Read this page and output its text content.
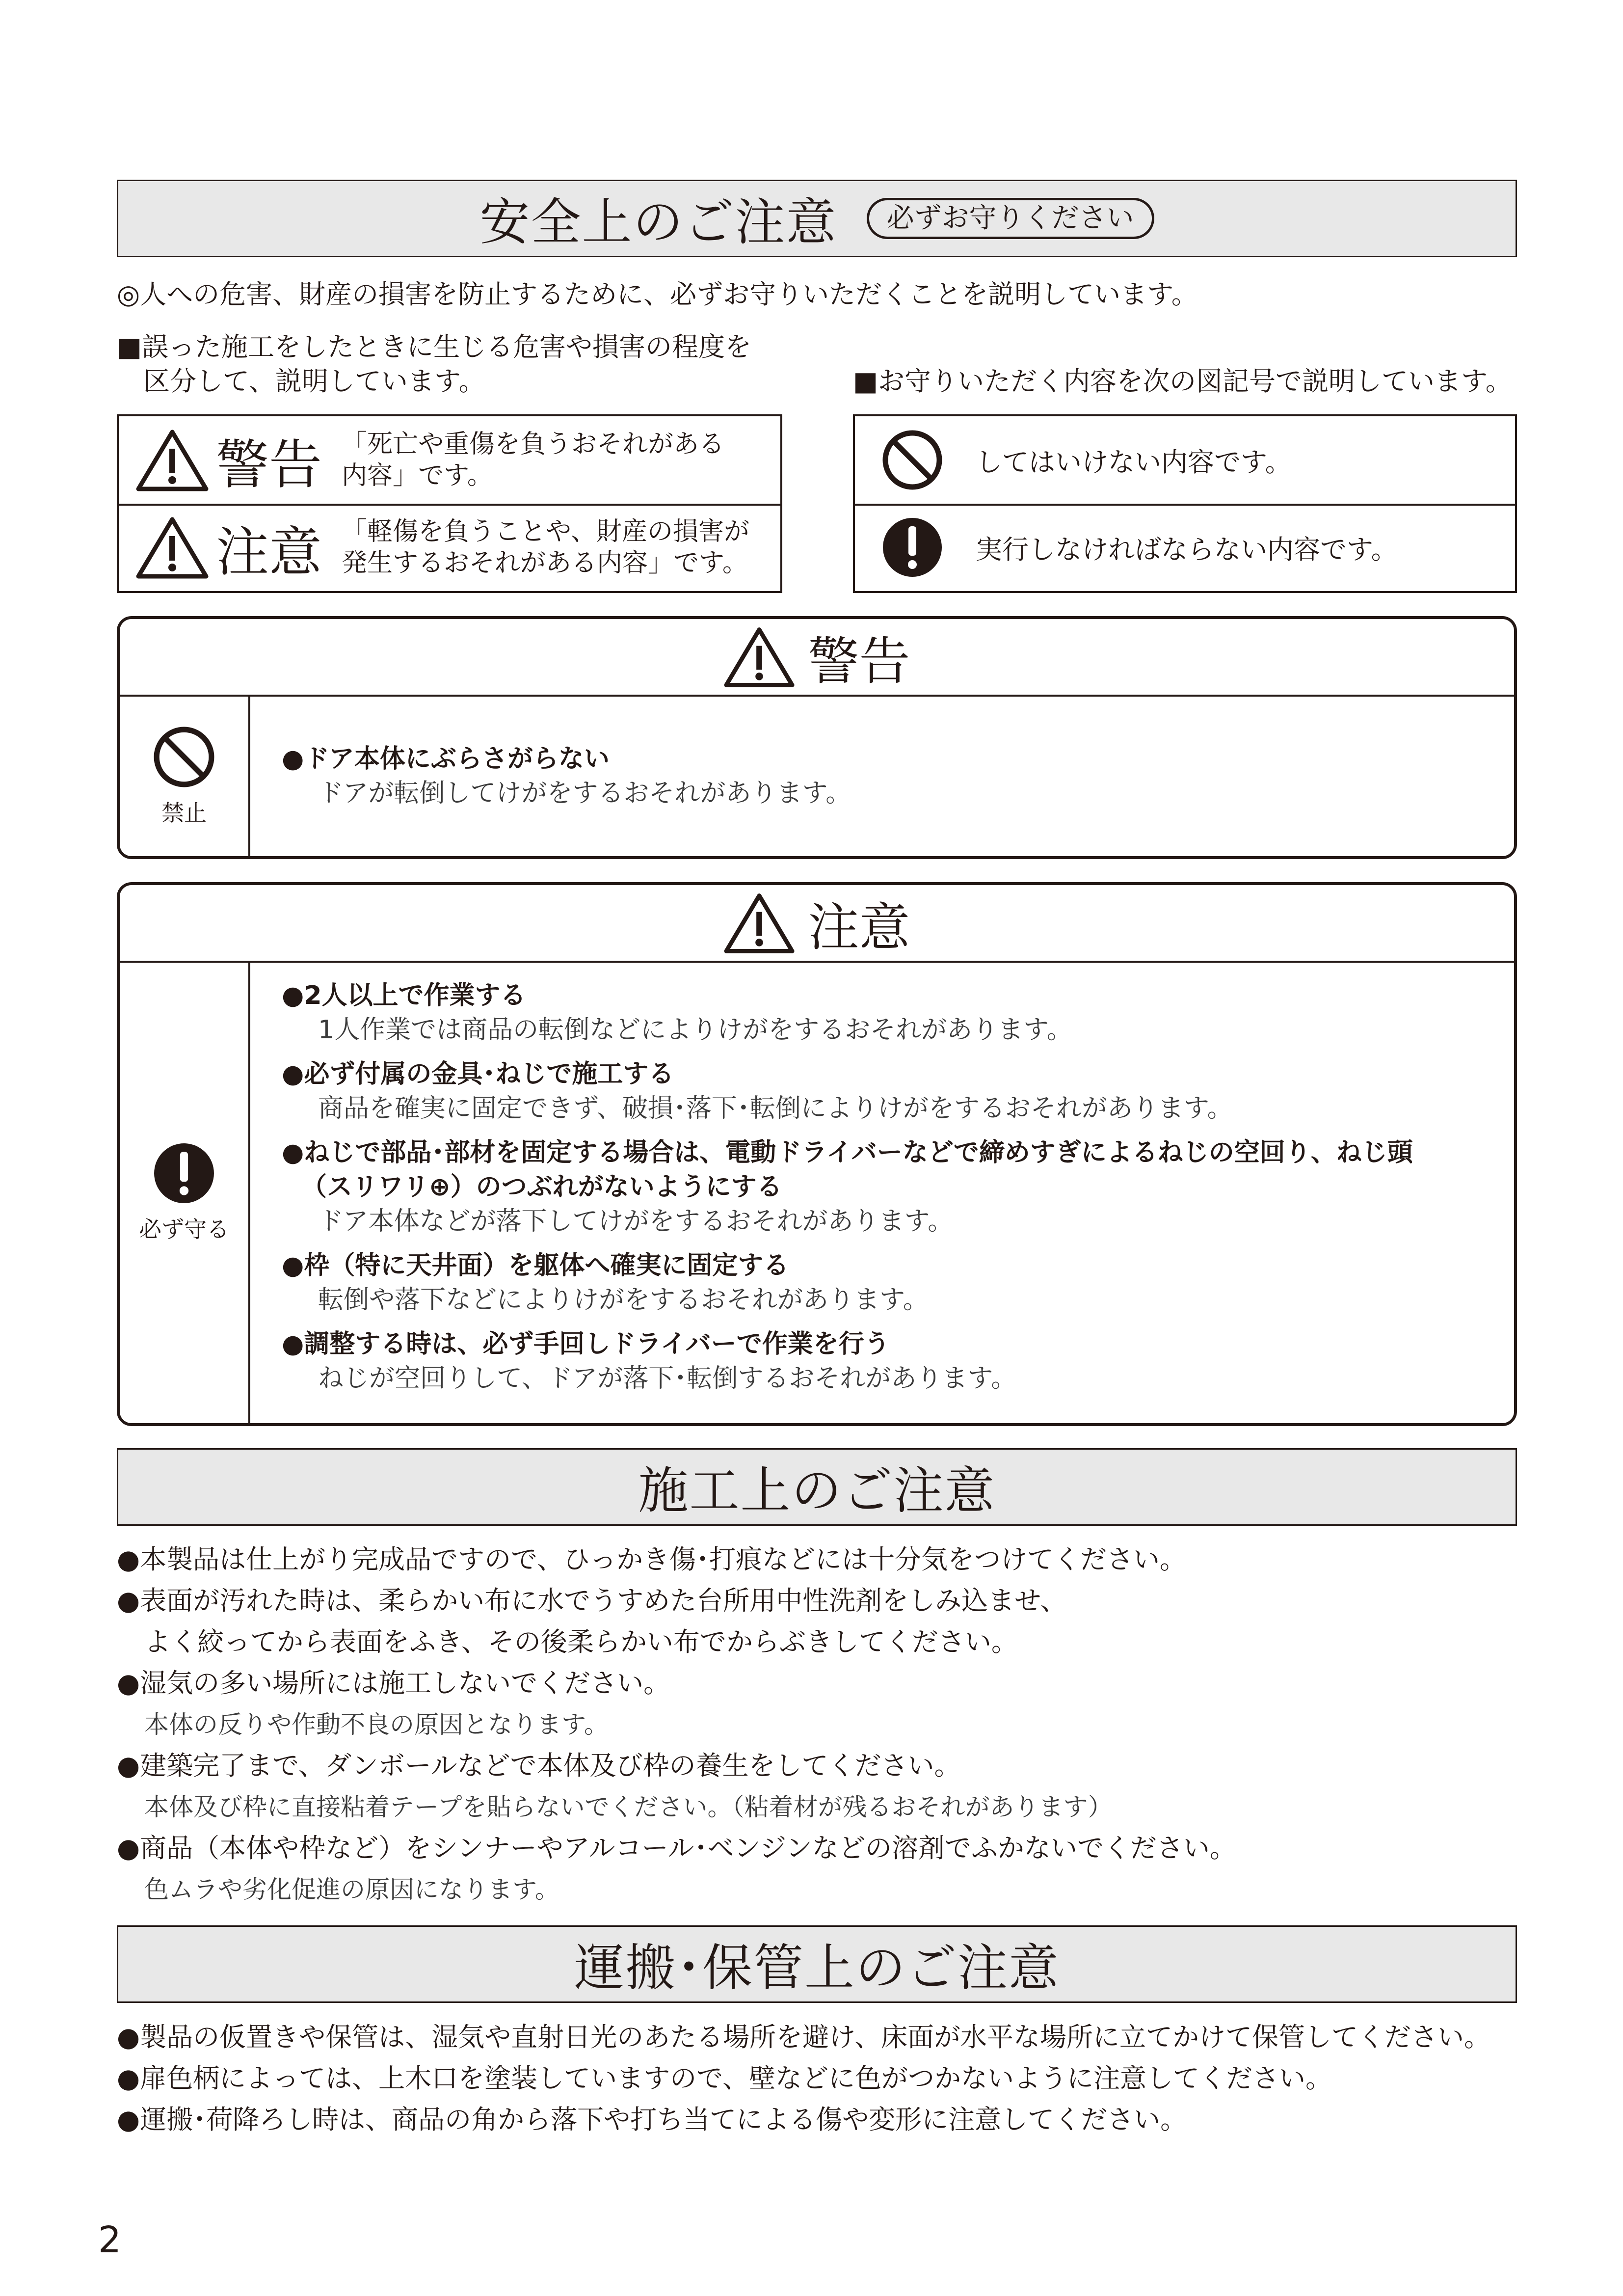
安全上のご注意	必ずお守りください
◎人への危害、財産の損害を防止するために、必ずお守りいただくことを説明しています。
■誤った施工をしたときに生じる危害や損害の程度を
区分して、説明しています。	■お守りいただく内容を次の図記号で説明しています。
警告 「死亡や重傷を負うおそれがある
内容」です。
注意 「軽傷を負うことや、財産の損害が
発生するおそれがある内容」です。
してはいけない内容です。
実行しなければならない内容です。
警告
禁止
●ドア本体にぶらさがらない
ドアが転倒してけがをするおそれがあります。
注意
必ず守る
●2人以上で作業する
1人作業では商品の転倒などによりけがをするおそれがあります。
●必ず付属の金具･ねじで施工する
商品を確実に固定できず、破損･落下･転倒によりけがをするおそれがあります。
●ねじで部品･部材を固定する場合は、電動ドライバーなどで締めすぎによるねじの空回り、ねじ頭
（スリワリ⊕）のつぶれがないようにする
ドア本体などが落下してけがをするおそれがあります。
●枠（特に天井面）を躯体へ確実に固定する
転倒や落下などによりけがをするおそれがあります。
●調整する時は、必ず手回しドライバーで作業を行う
ねじが空回りして、ドアが落下･転倒するおそれがあります。
施工上のご注意
●本製品は仕上がり完成品ですので、ひっかき傷･打痕などには十分気をつけてください。
●表面が汚れた時は、柔らかい布に水でうすめた台所用中性洗剤をしみ込ませ、
よく絞ってから表面をふき、その後柔らかい布でからぶきしてください。
●湿気の多い場所には施工しないでください。
本体の反りや作動不良の原因となります。
●建築完了まで、ダンボールなどで本体及び枠の養生をしてください。
本体及び枠に直接粘着テープを貼らないでください。（粘着材が残るおそれがあります）
●商品（本体や枠など）をシンナーやアルコール･ベンジンなどの溶剤でふかないでください。
色ムラや劣化促進の原因になります。
運搬･保管上のご注意
●製品の仮置きや保管は、湿気や直射日光のあたる場所を避け、床面が水平な場所に立てかけて保管してください。
●扉色柄によっては、上木口を塗装していますので、壁などに色がつかないように注意してください。
●運搬･荷降ろし時は、商品の角から落下や打ち当てによる傷や変形に注意してください。
2
